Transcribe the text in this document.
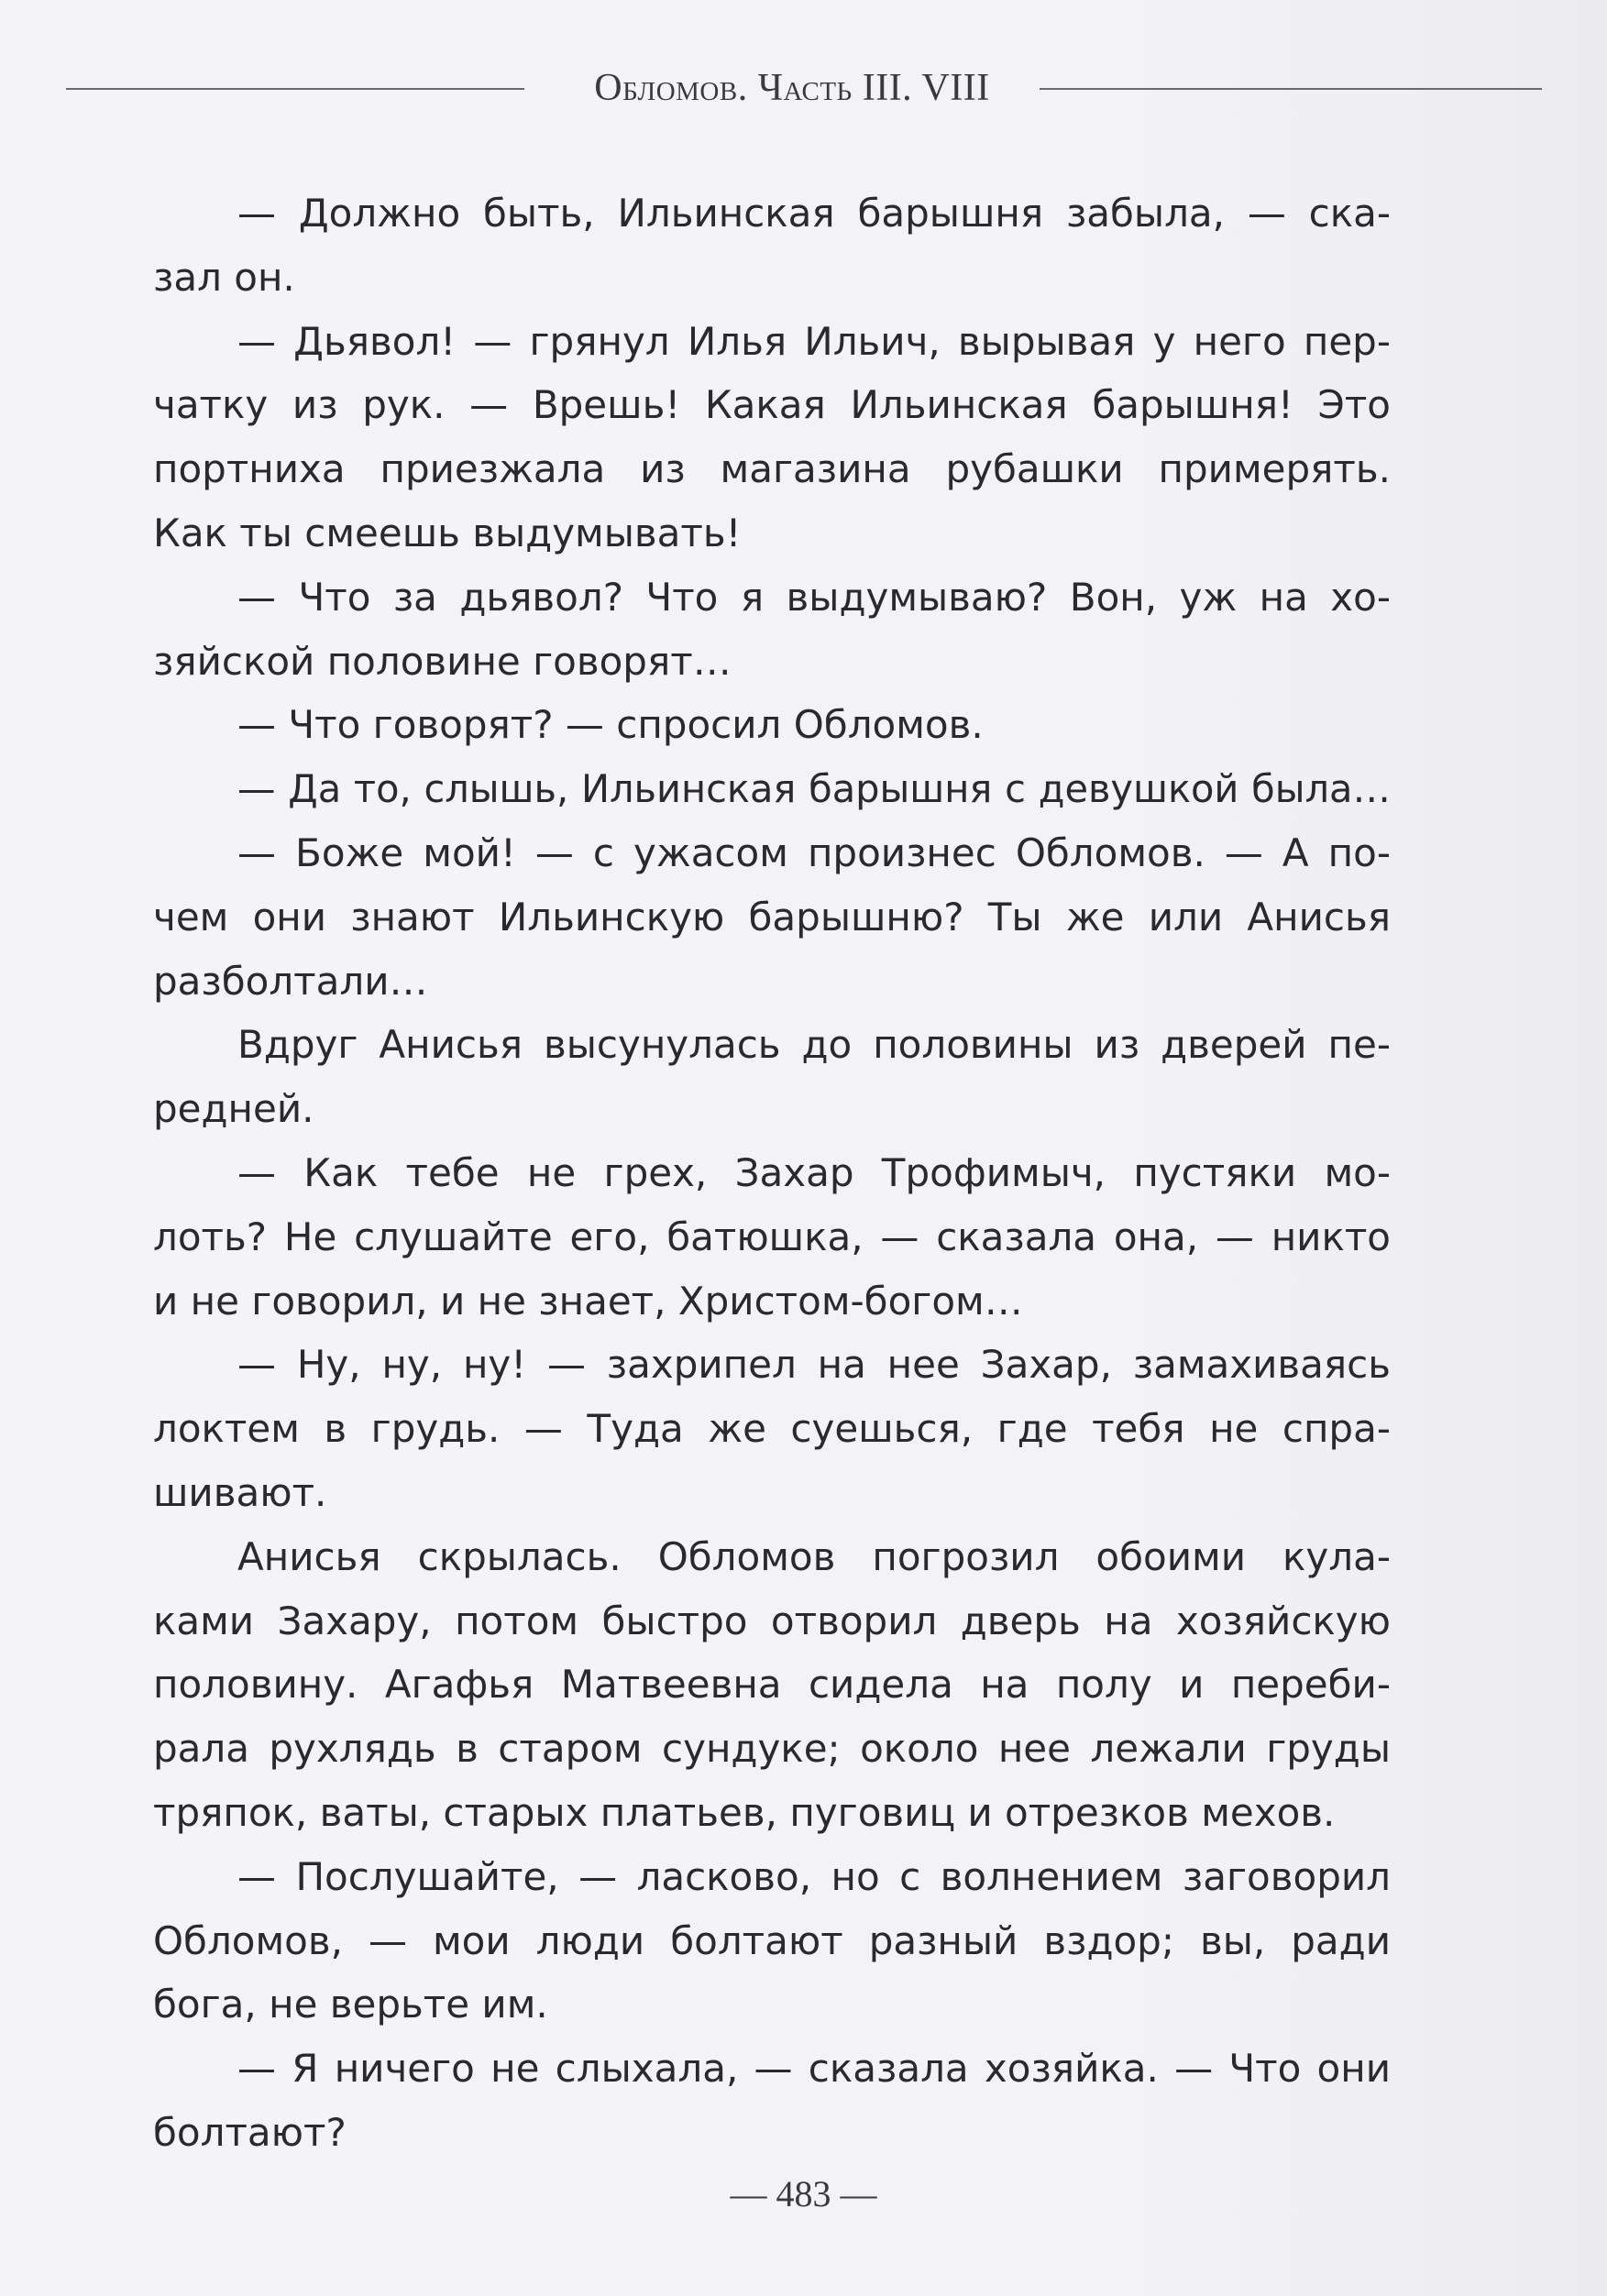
Обломов. Часть III. VIII
— Должно быть, Ильинская барышня забыла, — ска-
зал он.
— Дьявол! — грянул Илья Ильич, вырывая у него пер-
чатку из рук. — Врешь! Какая Ильинская барышня! Это
портниха приезжала из магазина рубашки примерять.
Как ты смеешь выдумывать!
— Что за дьявол? Что я выдумываю? Вон, уж на хо-
зяйской половине говорят…
— Что говорят? — спросил Обломов.
— Да то, слышь, Ильинская барышня с девушкой была…
— Боже мой! — с ужасом произнес Обломов. — А по-
чем они знают Ильинскую барышню? Ты же или Анисья
разболтали…
Вдруг Анисья высунулась до половины из дверей пе-
редней.
— Как тебе не грех, Захар Трофимыч, пустяки мо-
лоть? Не слушайте его, батюшка, — сказала она, — никто
и не говорил, и не знает, Христом-богом…
— Ну, ну, ну! — захрипел на нее Захар, замахиваясь
локтем в грудь. — Туда же суешься, где тебя не спра-
шивают.
Анисья скрылась. Обломов погрозил обоими кула-
ками Захару, потом быстро отворил дверь на хозяйскую
половину. Агафья Матвеевна сидела на полу и переби-
рала рухлядь в старом сундуке; около нее лежали груды
тряпок, ваты, старых платьев, пуговиц и отрезков мехов.
— Послушайте, — ласково, но с волнением заговорил
Обломов, — мои люди болтают разный вздор; вы, ради
бога, не верьте им.
— Я ничего не слыхала, — сказала хозяйка. — Что они
болтают?
— 483 —
